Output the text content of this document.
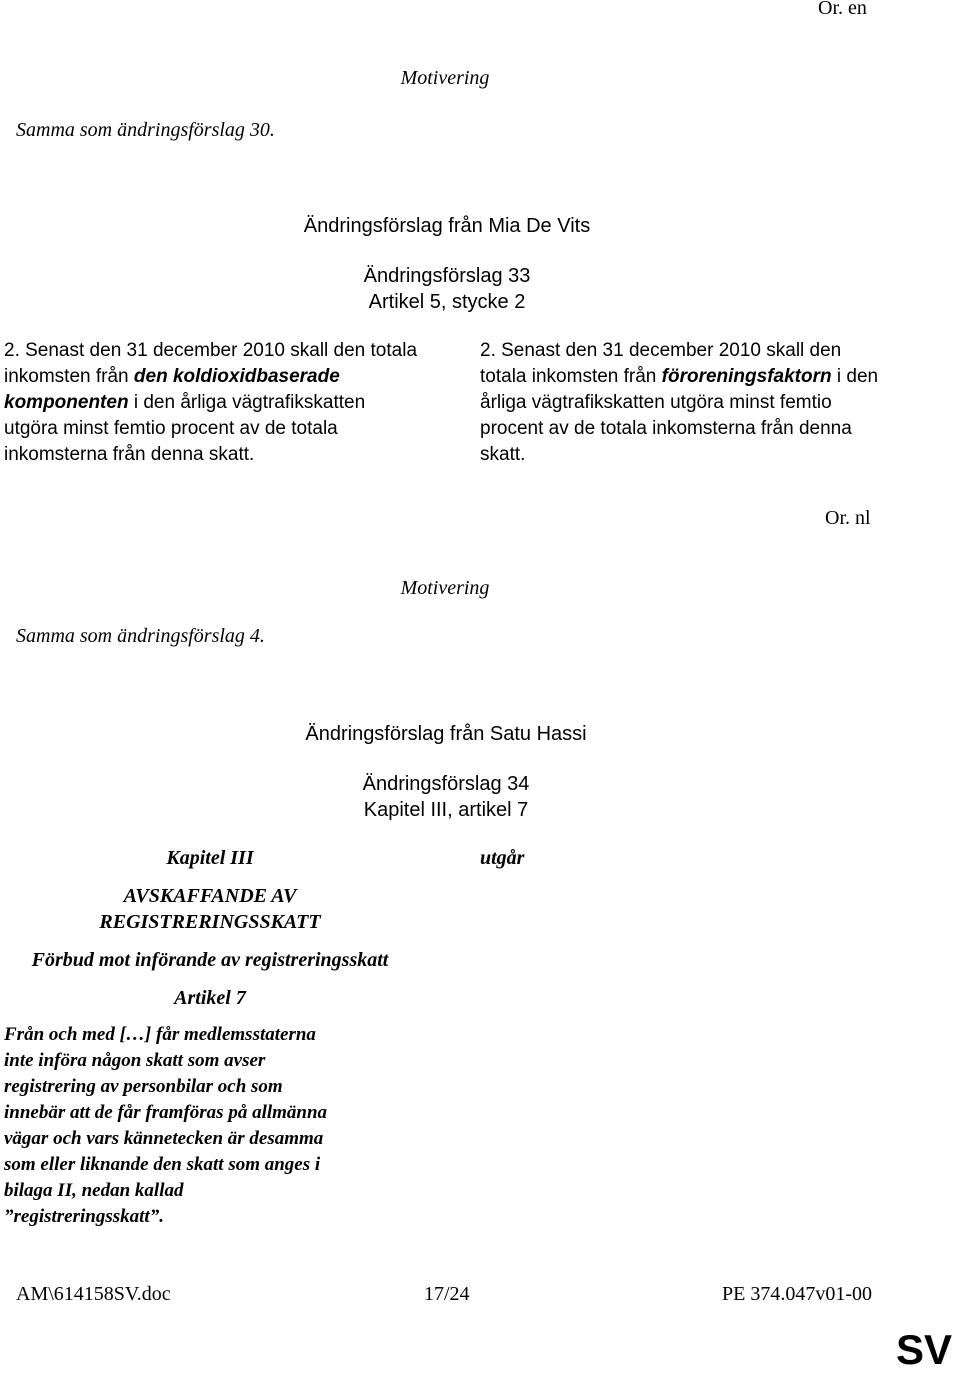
Or. en
Motivering
Samma som ändringsförslag 30.
Ändringsförslag från Mia De Vits
Ändringsförslag 33
Artikel 5, stycke 2
2. Senast den 31 december 2010 skall den totala inkomsten från den koldioxidbaserade komponenten i den årliga vägtrafikskatten utgöra minst femtio procent av de totala inkomsterna från denna skatt.
2. Senast den 31 december 2010 skall den totala inkomsten från föroreningsfaktorn i den årliga vägtrafikskatten utgöra minst femtio procent av de totala inkomsterna från denna skatt.
Or. nl
Motivering
Samma som ändringsförslag 4.
Ändringsförslag från Satu Hassi
Ändringsförslag 34
Kapitel III, artikel 7
Kapitel III
AVSKAFFANDE AV
REGISTRERINGSSKATT
Förbud mot införande av registreringsskatt
Artikel 7
Från och med […] får medlemsstaterna
inte införa någon skatt som avser
registrering av personbilar och som
innebär att de får framföras på allmänna
vägar och vars kännetecken är desamma
som eller liknande den skatt som anges i
bilaga II, nedan kallad
”registreringsskatt”.
utgår
AM\614158SV.doc	17/24	PE 374.047v01-00
SV
